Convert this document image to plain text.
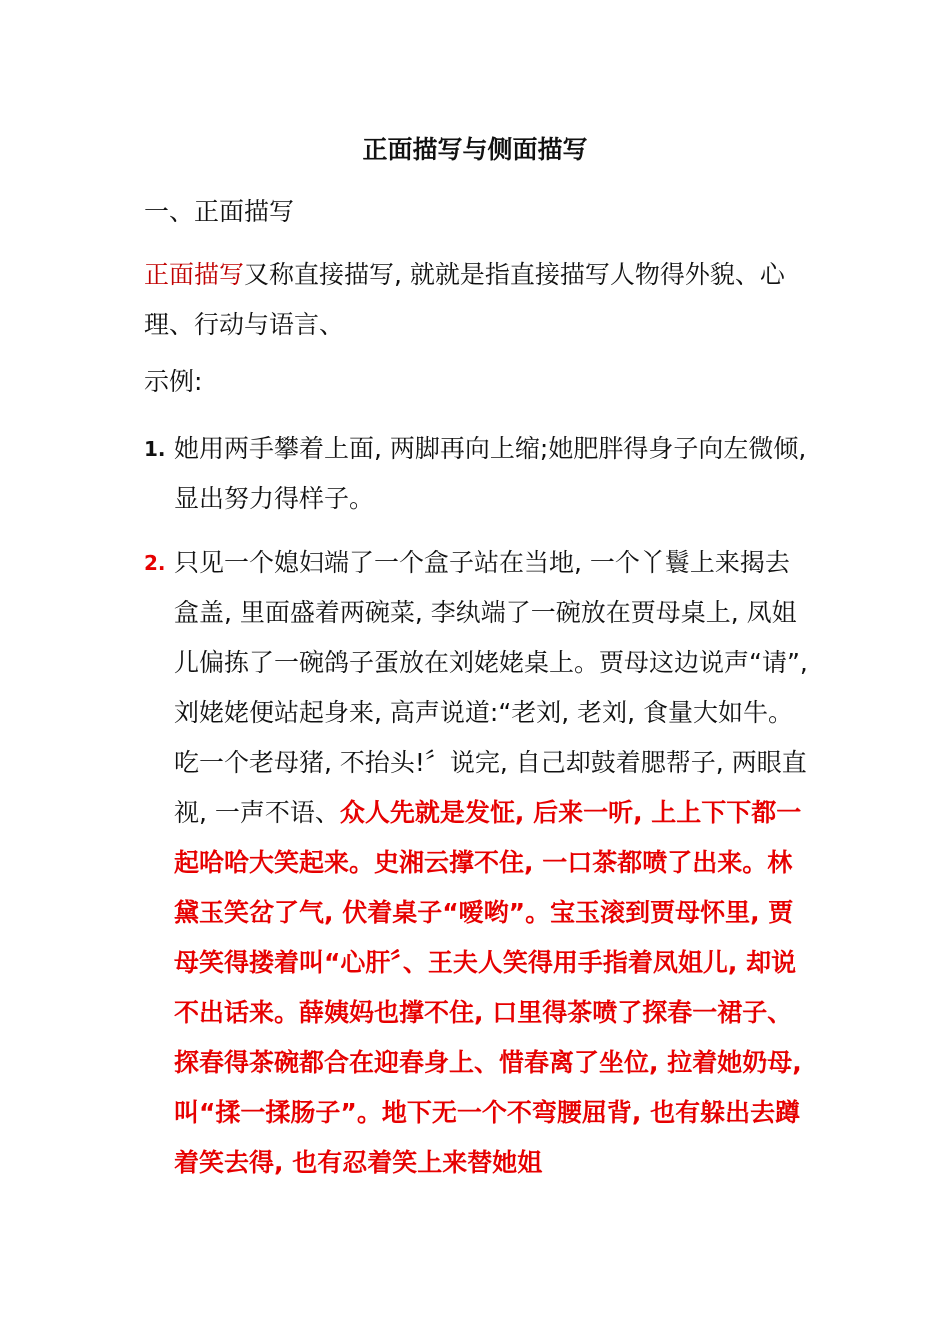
正面描写与侧面描写
一、正面描写

正面描写又称直接描写, 就就是指直接描写人物得外貌、心理、行动与语言、

示例:

1. 她用两手攀着上面, 两脚再向上缩;她肥胖得身子向左微倾, 显出努力得样子。
2. 只见一个媳妇端了一个盒子站在当地, 一个丫鬟上来揭去盒盖, 里面盛着两碗菜, 李纨端了一碗放在贾母桌上, 凤姐儿偏拣了一碗鸽子蛋放在刘姥姥桌上。贾母这边说声“请”, 刘姥姥便站起身来, 高声说道:“老刘, 老刘, 食量大如牛。吃一个老母猪, 不抬头!〞说完, 自己却鼓着腮帮子, 两眼直视, 一声不语、众人先就是发怔, 后来一听, 上上下下都一起哈哈大笑起来。史湘云撑不住, 一口茶都喷了出来。林黛玉笑岔了气, 伏着桌子“嗳哟”。宝玉滚到贾母怀里, 贾母笑得搂着叫“心肝〞、王夫人笑得用手指着凤姐儿, 却说不出话来。薛姨妈也撑不住, 口里得茶喷了探春一裙子、探春得茶碗都合在迎春身上、惜春离了坐位, 拉着她奶母, 叫“揉一揉肠子”。地下无一个不弯腰屈背, 也有躲出去蹲着笑去得, 也有忍着笑上来替她姐
